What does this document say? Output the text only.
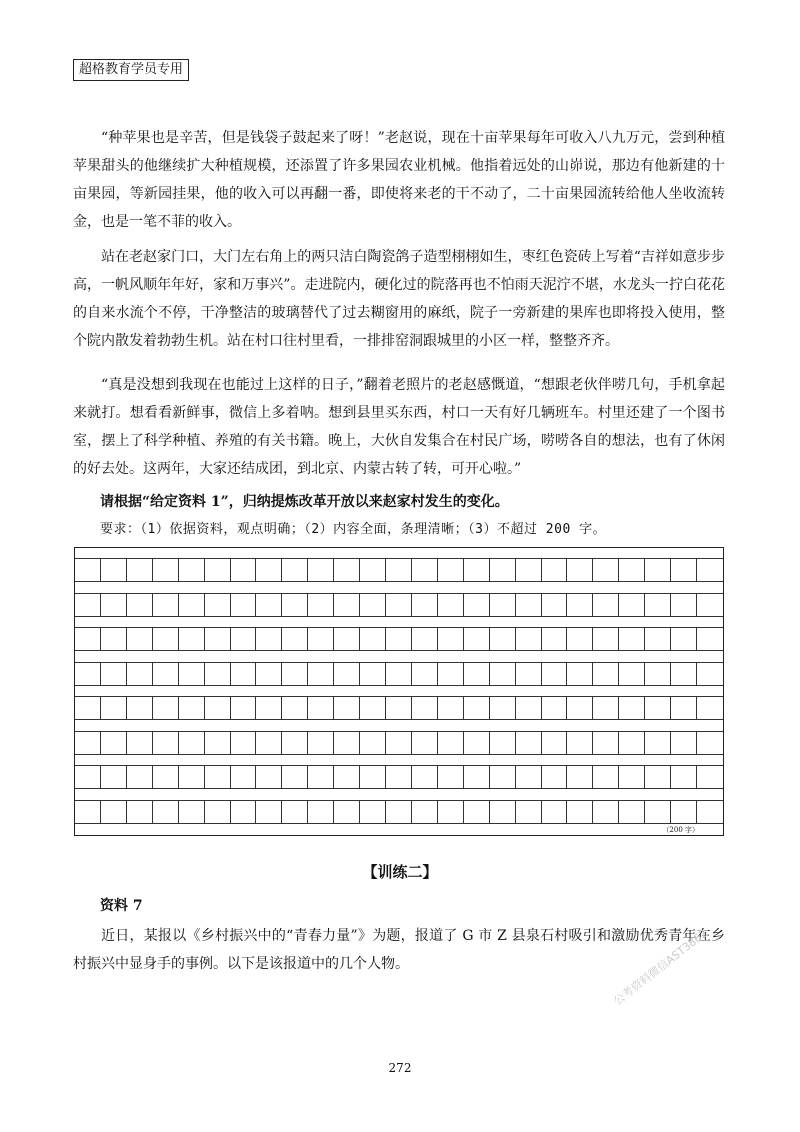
超格教育学员专用

“种苹果也是辛苦，但是钱袋子鼓起来了呀！”老赵说，现在十亩苹果每年可收入八九万元，尝到种植苹果甜头的他继续扩大种植规模，还添置了许多果园农业机械。他指着远处的山峁说，那边有他新建的十亩果园，等新园挂果，他的收入可以再翻一番，即使将来老的干不动了，二十亩果园流转给他人坐收流转金，也是一笔不菲的收入。

站在老赵家门口，大门左右角上的两只洁白陶瓷鸽子造型栩栩如生，枣红色瓷砖上写着“吉祥如意步步高，一帆风顺年年好，家和万事兴”。走进院内，硬化过的院落再也不怕雨天泥泞不堪，水龙头一拧白花花的自来水流个不停，干净整洁的玻璃替代了过去糊窗用的麻纸，院子一旁新建的果库也即将投入使用，整个院内散发着勃勃生机。站在村口往村里看，一排排窑洞跟城里的小区一样，整整齐齐。

“真是没想到我现在也能过上这样的日子，”翻着老照片的老赵感慨道，“想跟老伙伴唠几句，手机拿起来就打。想看看新鲜事，微信上多着呐。想到县里买东西，村口一天有好几辆班车。村里还建了一个图书室，摆上了科学种植、养殖的有关书籍。晚上，大伙自发集合在村民广场，唠唠各自的想法，也有了休闲的好去处。这两年，大家还结成团，到北京、内蒙古转了转，可开心啦。”

请根据“给定资料 1”，归纳提炼改革开放以来赵家村发生的变化。

要求：（1）依据资料，观点明确；（2）内容全面，条理清晰；（3）不超过 200 字。

（200 字）

【训练二】

资料 7

近日，某报以《乡村振兴中的“青春力量”》为题，报道了 G 市 Z 县泉石村吸引和激励优秀青年在乡村振兴中显身手的事例。以下是该报道中的几个人物。	公考资料微信AST3862
272
